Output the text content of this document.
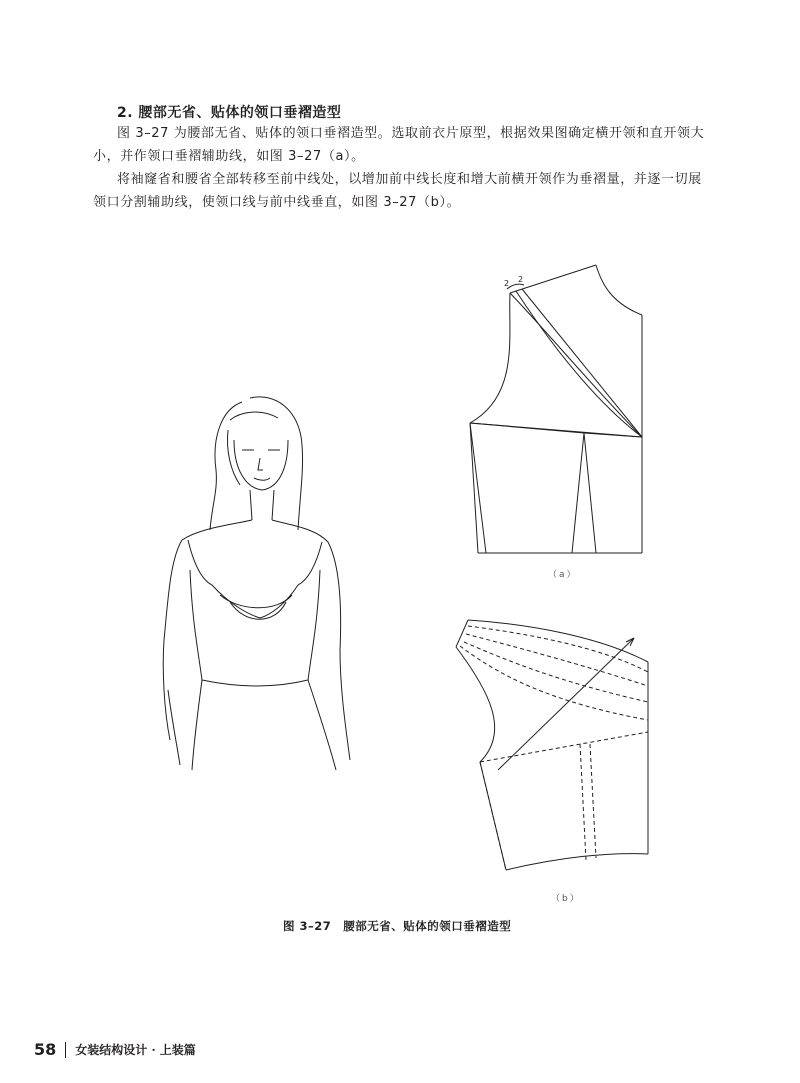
2. 腰部无省、贴体的领口垂褶造型

图 3–27 为腰部无省、贴体的领口垂褶造型。选取前衣片原型，根据效果图确定横开领和直开领大小，并作领口垂褶辅助线，如图 3–27（a）。

将袖窿省和腰省全部转移至前中线处，以增加前中线长度和增大前横开领作为垂褶量，并逐一切展领口分割辅助线，使领口线与前中线垂直，如图 3–27（b）。

2 2
（a）
（b）
图 3–27 腰部无省、贴体的领口垂褶造型
58 女装结构设计 · 上装篇
